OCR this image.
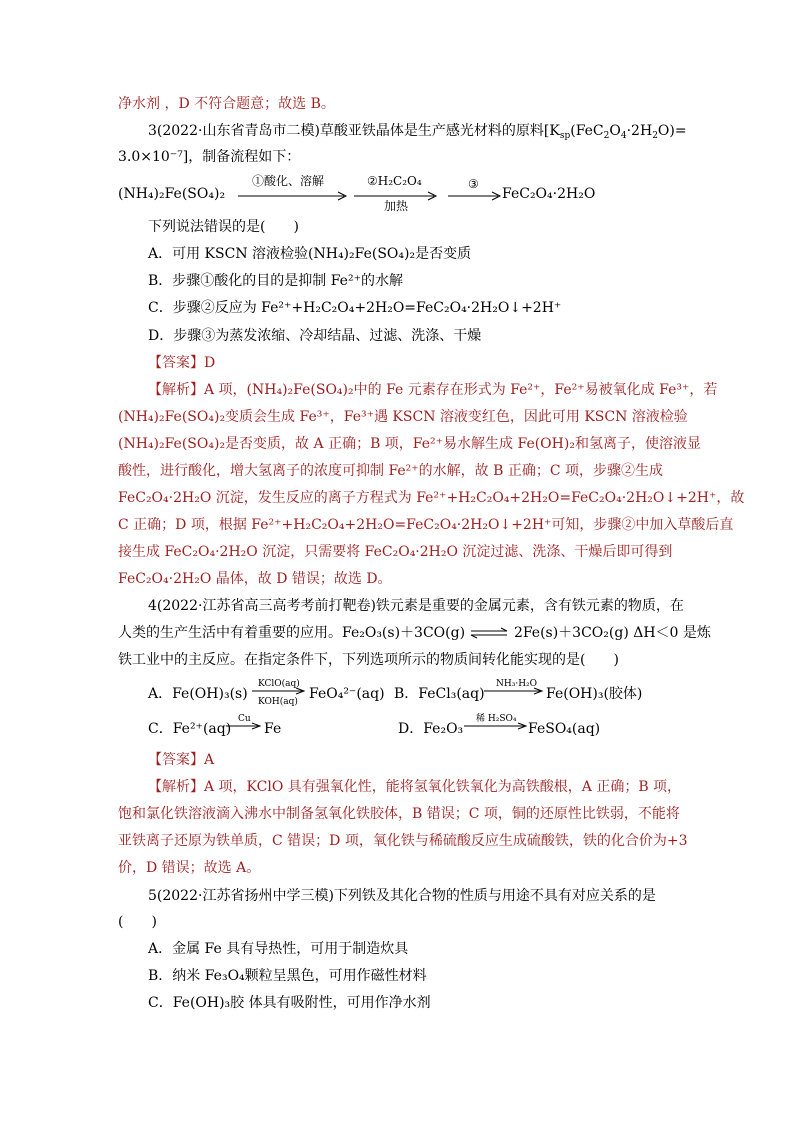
净水剂 ，D 不符合题意；故选 B。
3(2022·山东省青岛市二模)草酸亚铁晶体是生产感光材料的原料[$K_{sp}(FeC_2O_4\cdot 2H_2O)=$
3.0×10⁻⁷]，制备流程如下：
(NH₄)₂Fe(SO₄)₂
①酸化、溶解	②H₂C₂O₄
加热
③
FeC₂O₄·2H₂O
下列说法错误的是(　　)
A．可用 KSCN 溶液检验(NH₄)₂Fe(SO₄)₂是否变质
B．步骤①酸化的目的是抑制 Fe²⁺的水解
C．步骤②反应为 Fe²⁺+H₂C₂O₄+2H₂O=FeC₂O₄·2H₂O↓+2H⁺
D．步骤③为蒸发浓缩、冷却结晶、过滤、洗涤、干燥
【答案】D
【解析】A 项，(NH₄)₂Fe(SO₄)₂中的 Fe 元素存在形式为 Fe²⁺，Fe²⁺易被氧化成 Fe³⁺，若
(NH₄)₂Fe(SO₄)₂变质会生成 Fe³⁺，Fe³⁺遇 KSCN 溶液变红色，因此可用 KSCN 溶液检验
(NH₄)₂Fe(SO₄)₂是否变质，故 A 正确；B 项，Fe²⁺易水解生成 Fe(OH)₂和氢离子，使溶液显
酸性，进行酸化，增大氢离子的浓度可抑制 Fe²⁺的水解，故 B 正确；C 项，步骤②生成
FeC₂O₄·2H₂O 沉淀，发生反应的离子方程式为 Fe²⁺+H₂C₂O₄+2H₂O=FeC₂O₄·2H₂O↓+2H⁺，故
C 正确；D 项，根据 Fe²⁺+H₂C₂O₄+2H₂O=FeC₂O₄·2H₂O↓+2H⁺可知，步骤②中加入草酸后直
接生成 FeC₂O₄·2H₂O 沉淀，只需要将 FeC₂O₄·2H₂O 沉淀过滤、洗涤、干燥后即可得到
FeC₂O₄·2H₂O 晶体，故 D 错误；故选 D。
4(2022·江苏省高三高考考前打靶卷)铁元素是重要的金属元素，含有铁元素的物质，在
人类的生产生活中有着重要的应用。Fe₂O₃(s)＋3CO(g) ⇌ 2Fe(s)＋3CO₂(g) ΔH＜0 是炼
铁工业中的主反应。在指定条件下，下列选项所示的物质间转化能实现的是(　　)
A．Fe(OH)₃(s)
KClO(aq)
KOH(aq) FeO₄²⁻(aq) B．FeCl₃(aq)
NH₃·H₂O
Fe(OH)₃(胶体)
C．Fe²⁺(aq)
Cu
Fe	D．Fe₂O₃
稀 H₂SO₄
FeSO₄(aq)
【答案】A
【解析】A 项，KClO 具有强氧化性，能将氢氧化铁氧化为高铁酸根，A 正确；B 项，
饱和氯化铁溶液滴入沸水中制备氢氧化铁胶体，B 错误；C 项，铜的还原性比铁弱，不能将
亚铁离子还原为铁单质，C 错误；D 项，氧化铁与稀硫酸反应生成硫酸铁，铁的化合价为+3
价，D 错误；故选 A。
5(2022·江苏省扬州中学三模)下列铁及其化合物的性质与用途不具有对应关系的是
(　　)
A．金属 Fe 具有导热性，可用于制造炊具
B．纳米 Fe₃O₄颗粒呈黑色，可用作磁性材料
C．Fe(OH)₃胶 体具有吸附性，可用作净水剂
